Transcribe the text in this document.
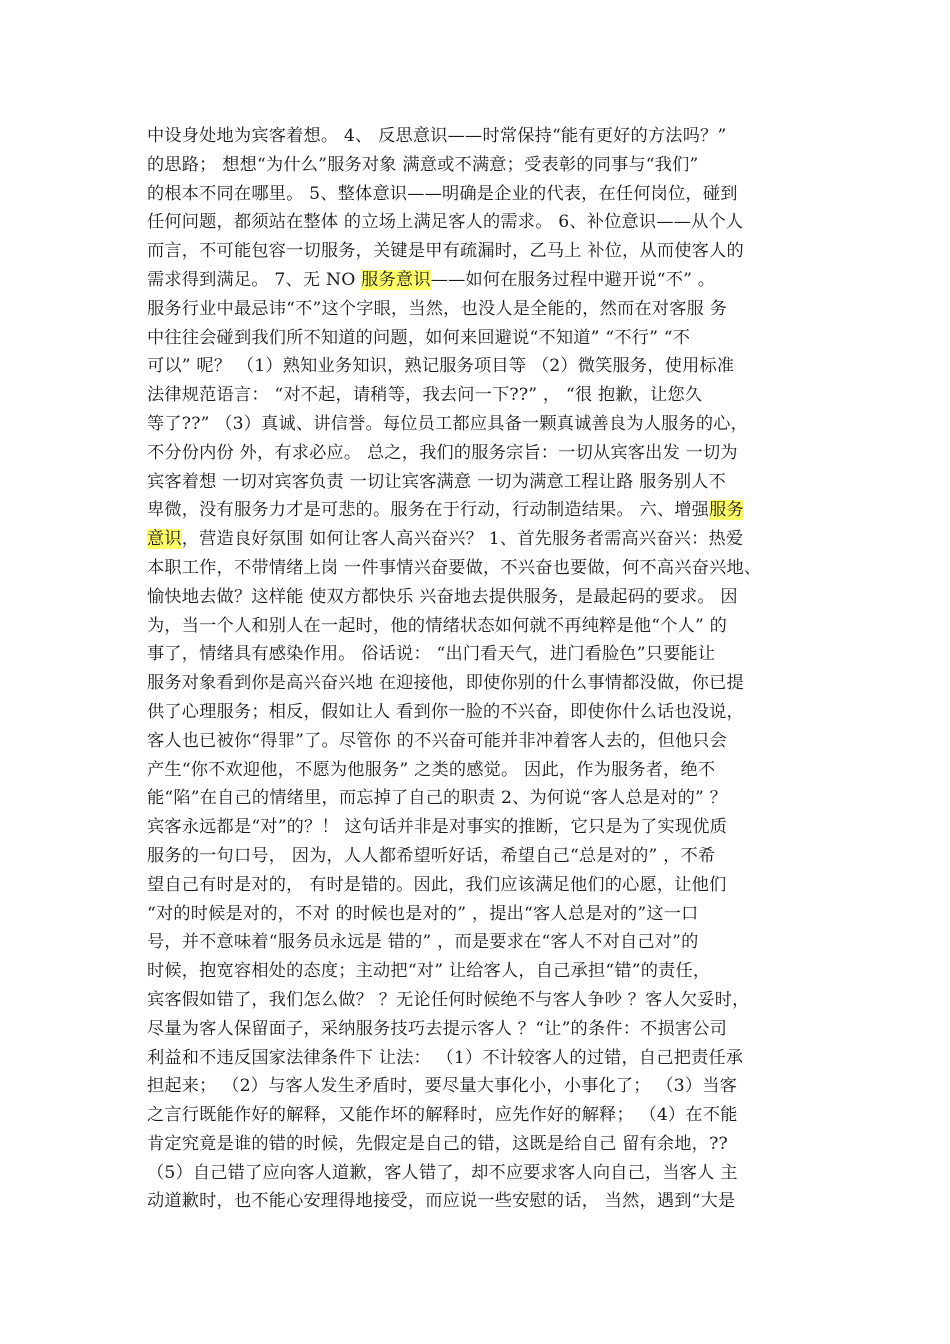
中设身处地为宾客着想。 4、 反思意识——时常保持“能有更好的方法吗？”
的思路； 想想“为什么”服务对象 满意或不满意；受表彰的同事与“我们”
的根本不同在哪里。 5、整体意识——明确是企业的代表，在任何岗位，碰到
任何问题，都须站在整体 的立场上满足客人的需求。 6、补位意识——从个人
而言，不可能包容一切服务，关键是甲有疏漏时，乙马上 补位，从而使客人的
需求得到满足。 7、无 NO 服务意识——如何在服务过程中避开说“不” 。
服务行业中最忌讳“不”这个字眼，当然，也没人是全能的，然而在对客服 务
中往往会碰到我们所不知道的问题，如何来回避说“不知道” “不行” “不
可以” 呢？ （1）熟知业务知识，熟记服务项目等 （2）微笑服务，使用标准
法律规范语言： “对不起，请稍等，我去问一下??” ， “很 抱歉，让您久
等了??” （3）真诚、讲信誉。每位员工都应具备一颗真诚善良为人服务的心，
不分份内份 外，有求必应。 总之，我们的服务宗旨：一切从宾客出发 一切为
宾客着想 一切对宾客负责 一切让宾客满意 一切为满意工程让路 服务别人不
卑微，没有服务力才是可悲的。服务在于行动，行动制造结果。 六、增强服务
意识，营造良好氛围 如何让客人高兴奋兴？ 1、首先服务者需高兴奋兴：热爱
本职工作，不带情绪上岗 一件事情兴奋要做，不兴奋也要做，何不高兴奋兴地、
愉快地去做？这样能 使双方都快乐 兴奋地去提供服务，是最起码的要求。 因
为，当一个人和别人在一起时，他的情绪状态如何就不再纯粹是他“个人” 的
事了，情绪具有感染作用。 俗话说： “出门看天气，进门看脸色”只要能让
服务对象看到你是高兴奋兴地 在迎接他，即使你别的什么事情都没做，你已提
供了心理服务；相反，假如让人 看到你一脸的不兴奋，即使你什么话也没说，
客人也已被你“得罪”了。尽管你 的不兴奋可能并非冲着客人去的，但他只会
产生“你不欢迎他，不愿为他服务” 之类的感觉。 因此，作为服务者，绝不
能“陷”在自己的情绪里，而忘掉了自己的职责 2、为何说“客人总是对的” ？
宾客永远都是“对”的？！ 这句话并非是对事实的推断，它只是为了实现优质
服务的一句口号， 因为，人人都希望听好话，希望自己“总是对的” ，不希
望自己有时是对的， 有时是错的。因此，我们应该满足他们的心愿，让他们
“对的时候是对的，不对 的时候也是对的” ，提出“客人总是对的”这一口
号，并不意味着“服务员永远是 错的” ，而是要求在“客人不对自己对”的
时候，抱宽容相处的态度；主动把“对” 让给客人，自己承担“错”的责任，
宾客假如错了，我们怎么做？ ？无论任何时候绝不与客人争吵 ？客人欠妥时，
尽量为客人保留面子，采纳服务技巧去提示客人 ？“让”的条件：不损害公司
利益和不违反国家法律条件下 让法： （1）不计较客人的过错，自己把责任承
担起来； （2）与客人发生矛盾时，要尽量大事化小，小事化了； （3）当客
之言行既能作好的解释，又能作坏的解释时，应先作好的解释； （4）在不能
肯定究竟是谁的错的时候，先假定是自己的错，这既是给自己 留有余地，??
（5）自己错了应向客人道歉，客人错了，却不应要求客人向自己，当客人 主
动道歉时，也不能心安理得地接受，而应说一些安慰的话， 当然，遇到“大是
